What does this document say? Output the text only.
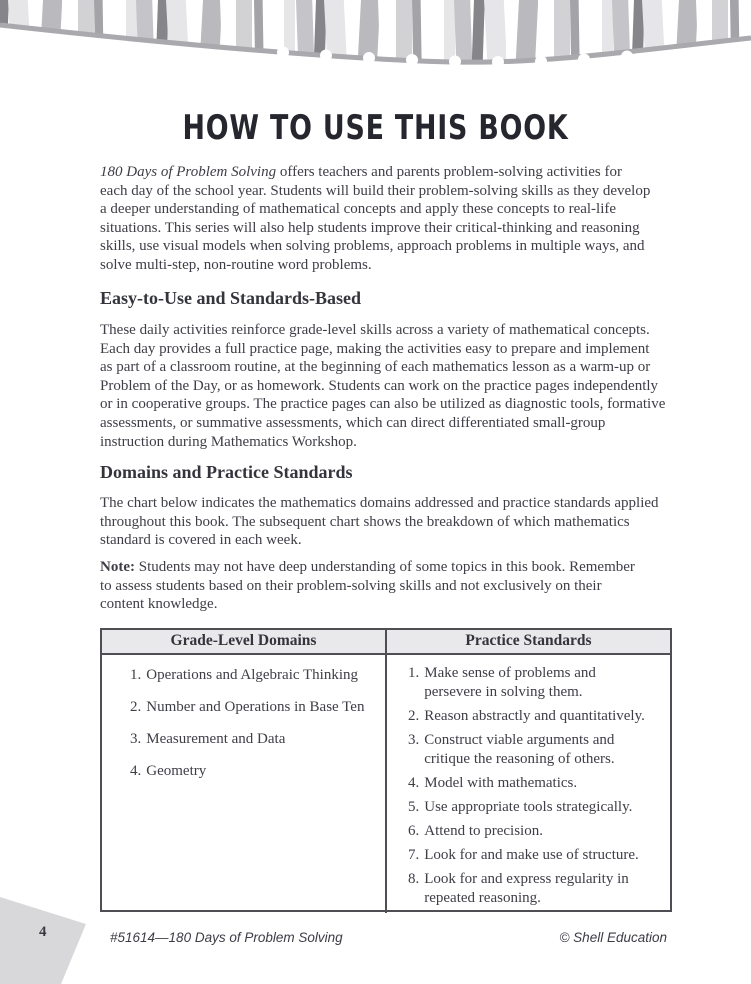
HOW TO USE THIS BOOK

180 Days of Problem Solving offers teachers and parents problem-solving activities for
each day of the school year. Students will build their problem-solving skills as they develop
a deeper understanding of mathematical concepts and apply these concepts to real-life
situations. This series will also help students improve their critical-thinking and reasoning
skills, use visual models when solving problems, approach problems in multiple ways, and
solve multi-step, non-routine word problems.

Easy-to-Use and Standards-Based

These daily activities reinforce grade-level skills across a variety of mathematical concepts.
Each day provides a full practice page, making the activities easy to prepare and implement
as part of a classroom routine, at the beginning of each mathematics lesson as a warm-up or
Problem of the Day, or as homework. Students can work on the practice pages independently
or in cooperative groups. The practice pages can also be utilized as diagnostic tools, formative
assessments, or summative assessments, which can direct differentiated small-group
instruction during Mathematics Workshop.

Domains and Practice Standards

The chart below indicates the mathematics domains addressed and practice standards applied
throughout this book. The subsequent chart shows the breakdown of which mathematics
standard is covered in each week.

Note: Students may not have deep understanding of some topics in this book. Remember
to assess students based on their problem-solving skills and not exclusively on their
content knowledge.

Grade-Level Domains	Practice Standards
1. Operations and Algebraic Thinking
2. Number and Operations in Base Ten
3. Measurement and Data
4. Geometry
1. Make sense of problems and
persevere in solving them.
2. Reason abstractly and quantitatively.
3. Construct viable arguments and
critique the reasoning of others.
4. Model with mathematics.
5. Use appropriate tools strategically.
6. Attend to precision.
7. Look for and make use of structure.
8. Look for and express regularity in
repeated reasoning.
4	#51614—180 Days of Problem Solving	© Shell Education
